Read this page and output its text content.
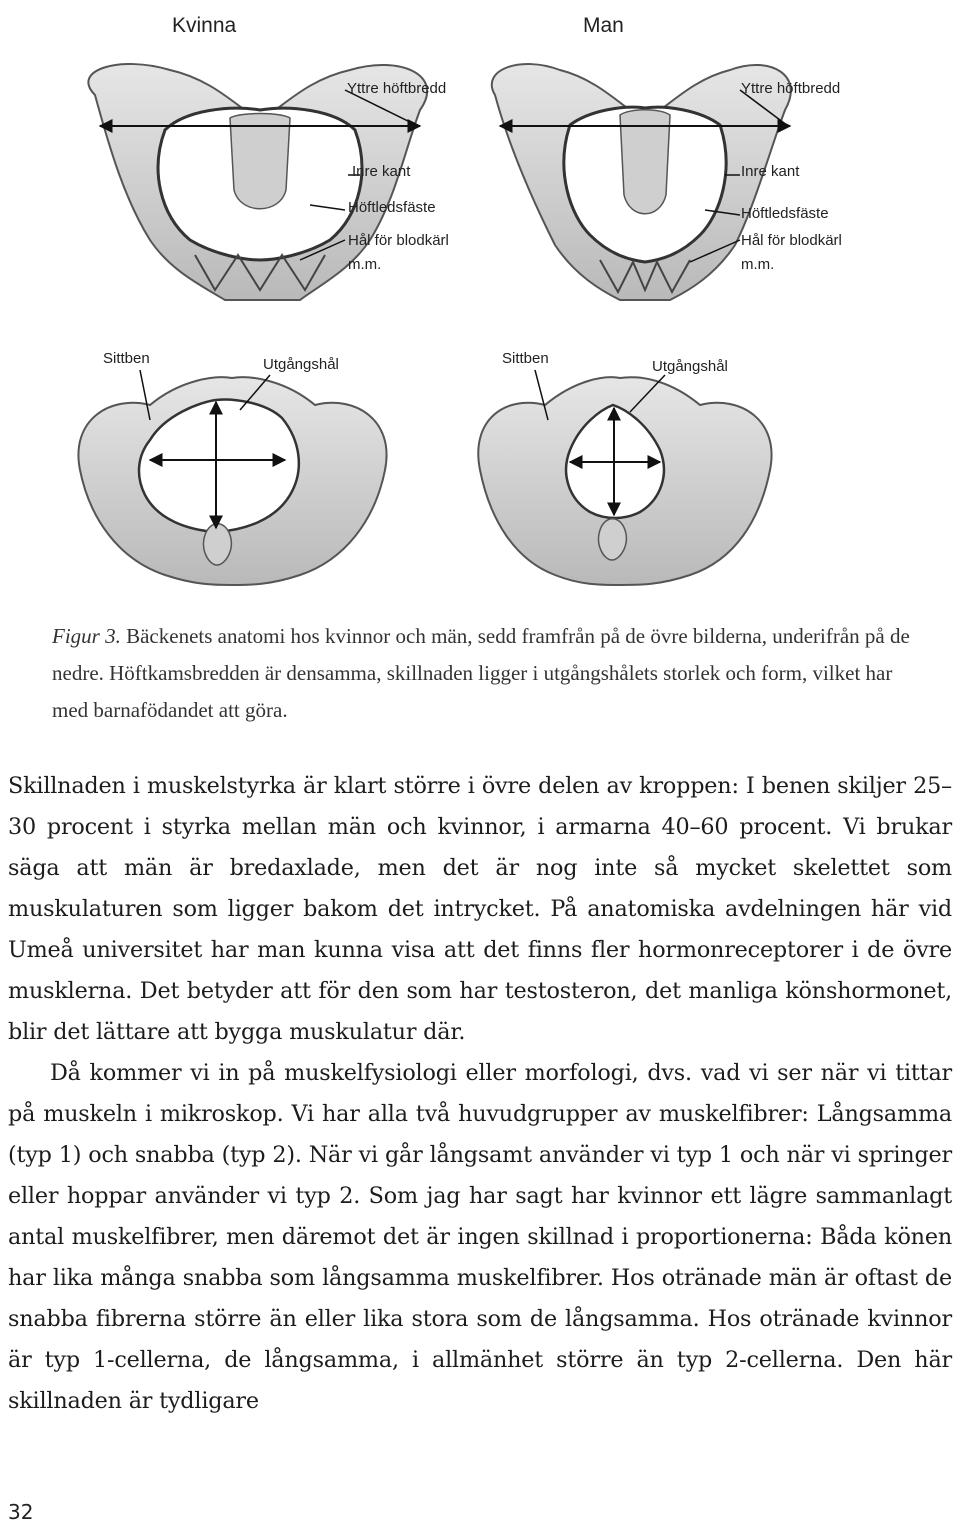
Kvinna	Man
Yttre höftbredd
Inre kant
Höftledsfäste
Hål för blodkärl
m.m.
Yttre höftbredd
Inre kant
Höftledsfäste
Hål för blodkärl
m.m.
Sittben	Utgångshål	Sittben	Utgångshål
Figur 3. Bäckenets anatomi hos kvinnor och män, sedd framfrån på de övre bilderna, underifrån på de nedre. Höftkamsbredden är densamma, skillnaden ligger i utgångshålets storlek och form, vilket har med barnafödandet att göra.

Skillnaden i muskelstyrka är klart större i övre delen av kroppen: I benen skiljer 25–30 procent i styrka mellan män och kvinnor, i armarna 40–60 procent. Vi brukar säga att män är bredaxlade, men det är nog inte så mycket skelettet som muskulaturen som ligger bakom det intrycket. På anatomiska avdelningen här vid Umeå universitet har man kunna visa att det finns fler hormonreceptorer i de övre musklerna. Det betyder att för den som har testosteron, det manliga könshormonet, blir det lättare att bygga muskulatur där.

Då kommer vi in på muskelfysiologi eller morfologi, dvs. vad vi ser när vi tittar på muskeln i mikroskop. Vi har alla två huvudgrupper av muskelfibrer: Långsamma (typ 1) och snabba (typ 2). När vi går långsamt använder vi typ 1 och när vi springer eller hoppar använder vi typ 2. Som jag har sagt har kvinnor ett lägre sammanlagt antal muskelfibrer, men däremot det är ingen skillnad i proportionerna: Båda könen har lika många snabba som långsamma muskelfibrer. Hos otränade män är oftast de snabba fibrerna större än eller lika stora som de långsamma. Hos otränade kvinnor är typ 1-cellerna, de långsamma, i allmänhet större än typ 2-cellerna. Den här skillnaden är tydligare

32
